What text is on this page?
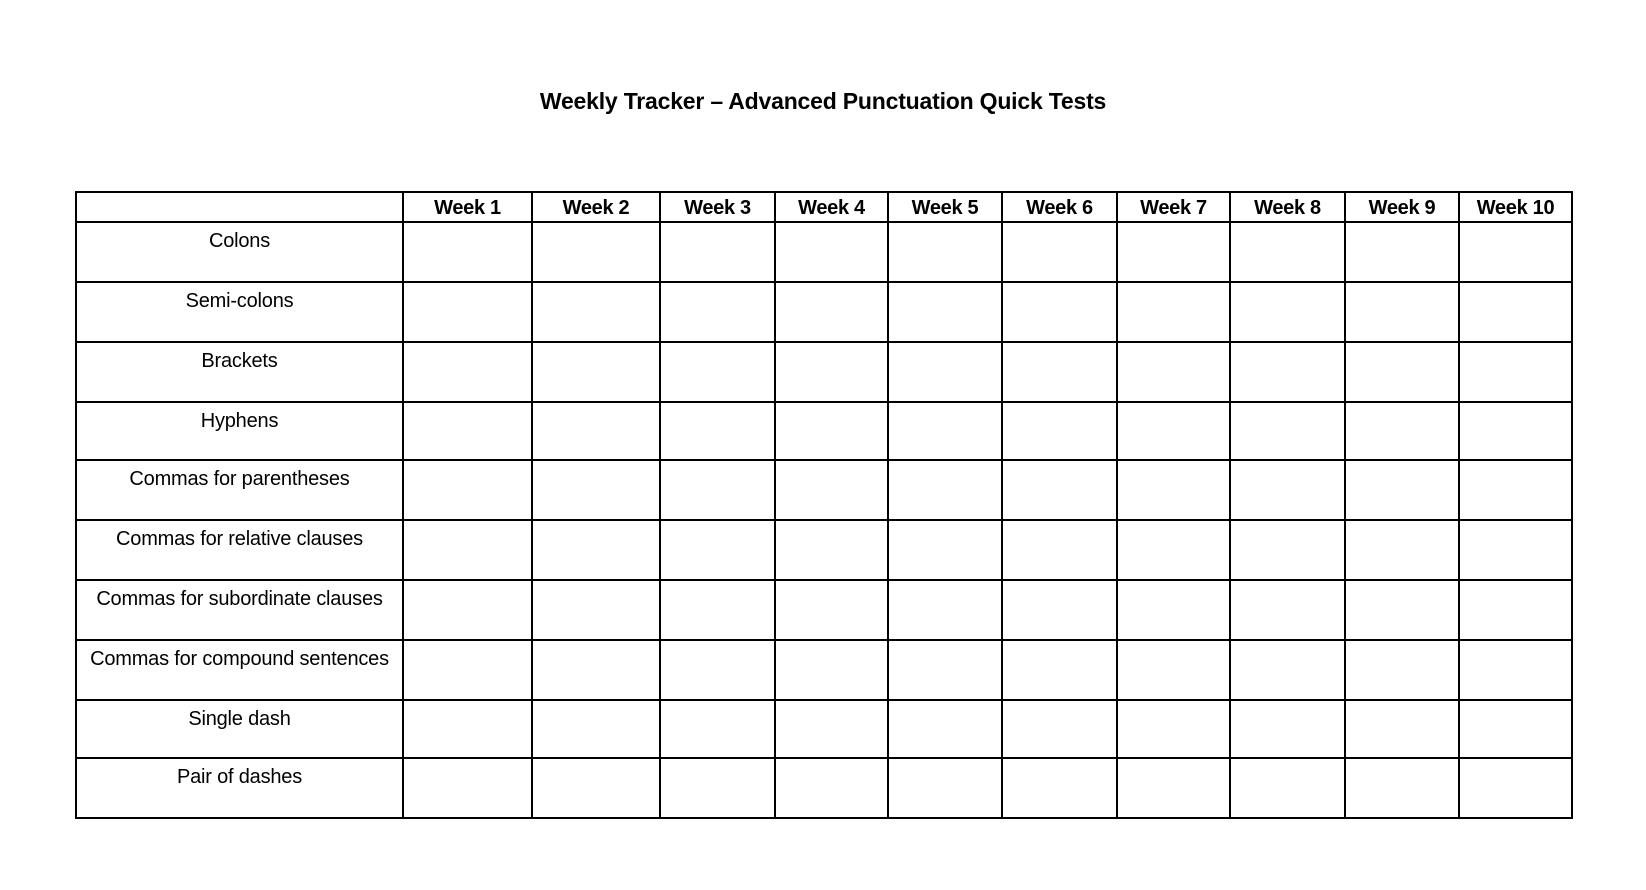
Weekly Tracker – Advanced Punctuation Quick Tests
	Week 1	Week 2	Week 3	Week 4	Week 5	Week 6	Week 7	Week 8	Week 9	Week 10
Colons										
Semi-colons										
Brackets										
Hyphens										
Commas for parentheses										
Commas for relative clauses										
Commas for subordinate clauses										
Commas for compound sentences										
Single dash										
Pair of dashes										
